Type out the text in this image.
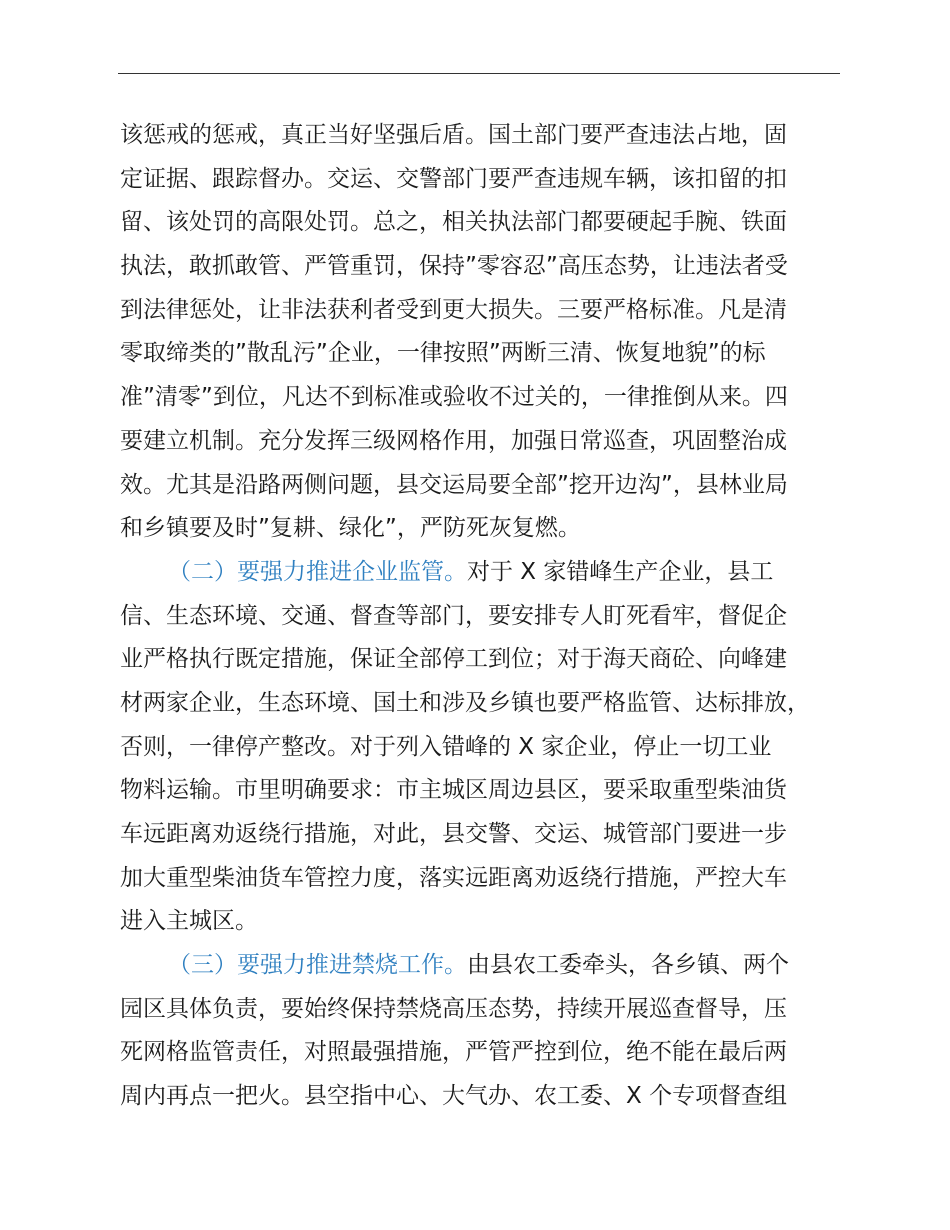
该惩戒的惩戒，真正当好坚强后盾。国土部门要严查违法占地，固
定证据、跟踪督办。交运、交警部门要严查违规车辆，该扣留的扣
留、该处罚的高限处罚。总之，相关执法部门都要硬起手腕、铁面
执法，敢抓敢管、严管重罚，保持”零容忍”高压态势，让违法者受
到法律惩处，让非法获利者受到更大损失。三要严格标准。凡是清
零取缔类的”散乱污”企业，一律按照”两断三清、恢复地貌”的标
准”清零”到位，凡达不到标准或验收不过关的，一律推倒从来。四
要建立机制。充分发挥三级网格作用，加强日常巡查，巩固整治成
效。尤其是沿路两侧问题，县交运局要全部”挖开边沟”，县林业局
和乡镇要及时”复耕、绿化”，严防死灰复燃。
（二）要强力推进企业监管。对于 X 家错峰生产企业，县工
信、生态环境、交通、督查等部门，要安排专人盯死看牢，督促企
业严格执行既定措施，保证全部停工到位；对于海天商砼、向峰建
材两家企业，生态环境、国土和涉及乡镇也要严格监管、达标排放，
否则，一律停产整改。对于列入错峰的 X 家企业，停止一切工业
物料运输。市里明确要求：市主城区周边县区，要采取重型柴油货
车远距离劝返绕行措施，对此，县交警、交运、城管部门要进一步
加大重型柴油货车管控力度，落实远距离劝返绕行措施，严控大车
进入主城区。
（三）要强力推进禁烧工作。由县农工委牵头，各乡镇、两个
园区具体负责，要始终保持禁烧高压态势，持续开展巡查督导，压
死网格监管责任，对照最强措施，严管严控到位，绝不能在最后两
周内再点一把火。县空指中心、大气办、农工委、X 个专项督查组
